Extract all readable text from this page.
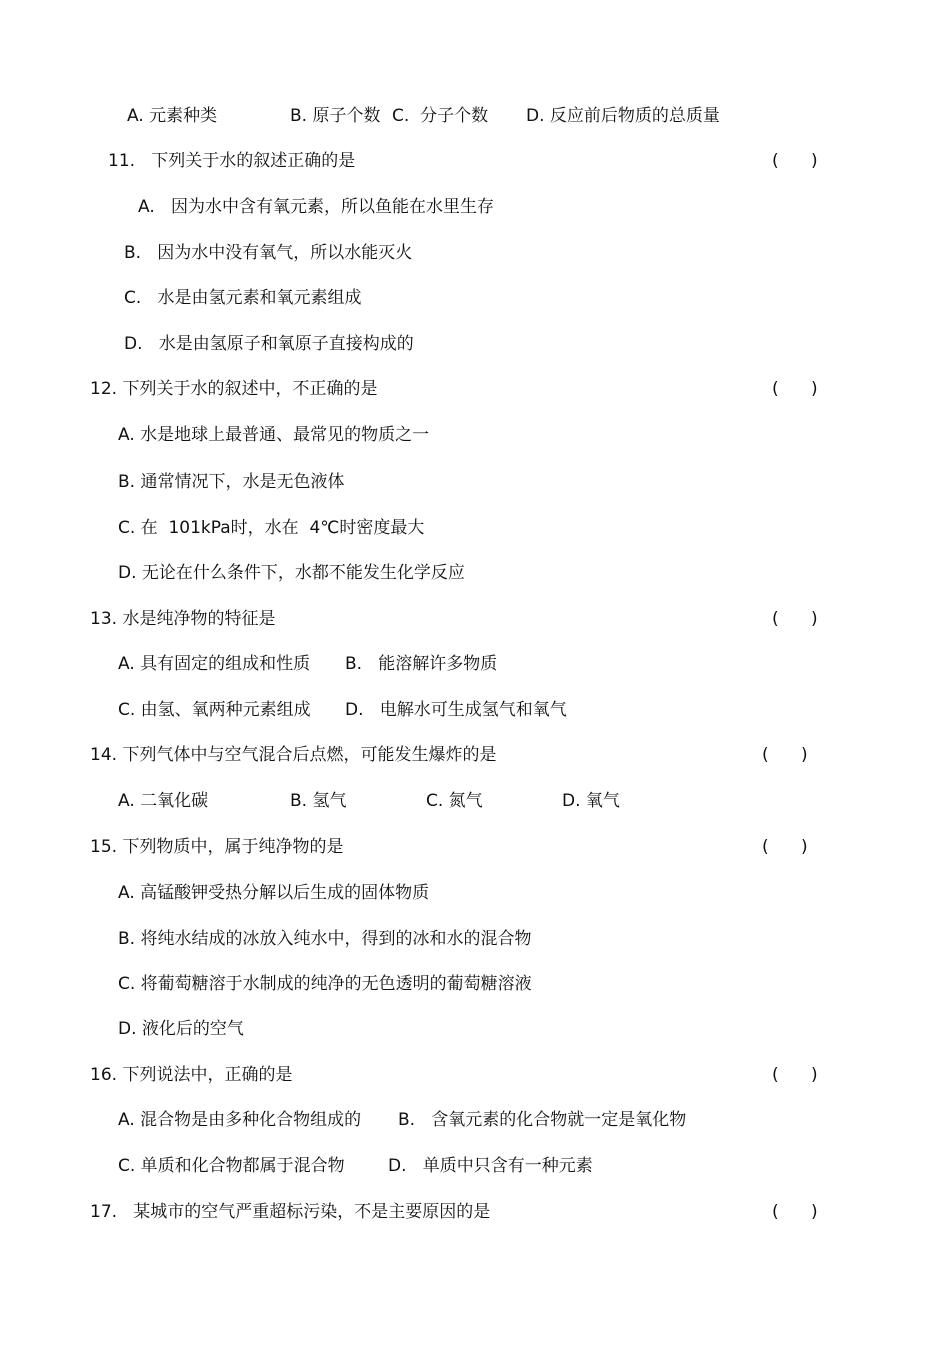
A. 元素种类	B. 原子个数 C.  分子个数 D. 反应前后物质的总质量
11.   下列关于水的叙述正确的是	(      )
A.   因为水中含有氧元素，所以鱼能在水里生存
B.   因为水中没有氧气，所以水能灭火
C.   水是由氢元素和氧元素组成
D.   水是由氢原子和氧原子直接构成的
12. 下列关于水的叙述中，不正确的是	(      )
A. 水是地球上最普通、最常见的物质之一
B. 通常情况下，水是无色液体
C. 在  101kPa时，水在  4℃时密度最大
D. 无论在什么条件下，水都不能发生化学反应
13. 水是纯净物的特征是	(      )
A. 具有固定的组成和性质 B.   能溶解许多物质
C. 由氢、氧两种元素组成 D.   电解水可生成氢气和氧气
14. 下列气体中与空气混合后点燃，可能发生爆炸的是	(      )
A. 二氧化碳	B. 氢气	C. 氮气	D. 氧气
15. 下列物质中，属于纯净物的是	(      )
A. 高锰酸钾受热分解以后生成的固体物质
B. 将纯水结成的冰放入纯水中，得到的冰和水的混合物
C. 将葡萄糖溶于水制成的纯净的无色透明的葡萄糖溶液
D. 液化后的空气
16. 下列说法中，正确的是	(      )
A. 混合物是由多种化合物组成的 B.   含氧元素的化合物就一定是氧化物
C. 单质和化合物都属于混合物	D.   单质中只含有一种元素
17.   某城市的空气严重超标污染，不是主要原因的是	(      )
